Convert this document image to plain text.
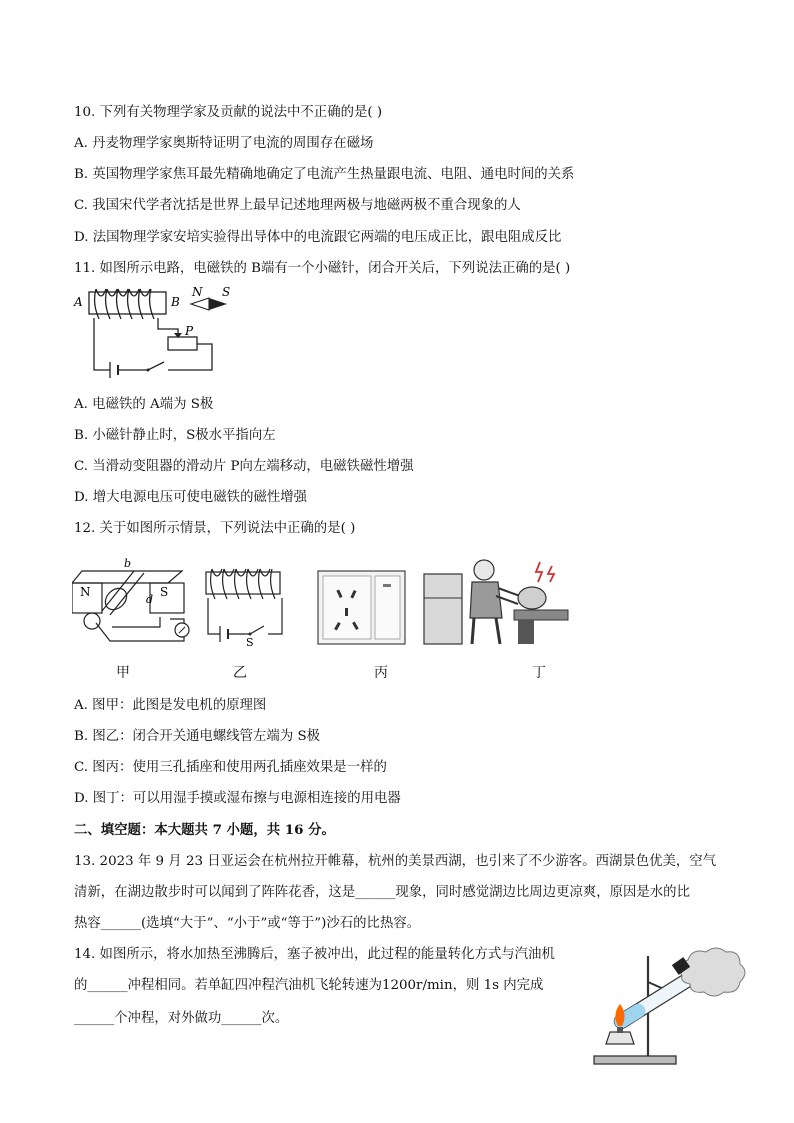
10. 下列有关物理学家及贡献的说法中不正确的是( )
A. 丹麦物理学家奥斯特证明了电流的周围存在磁场
B. 英国物理学家焦耳最先精确地确定了电流产生热量跟电流、电阻、通电时间的关系
C. 我国宋代学者沈括是世界上最早记述地理两极与地磁两极不重合现象的人
D. 法国物理学家安培实验得出导体中的电流跟它两端的电压成正比，跟电阻成反比
11. 如图所示电路，电磁铁的 B端有一个小磁针，闭合开关后，下列说法正确的是( )
A	B
N S
P
A. 电磁铁的 A端为 S极
B. 小磁针静止时，S极水平指向左
C. 当滑动变阻器的滑动片 P向左端移动，电磁铁磁性增强
D. 增大电源电压可使电磁铁的磁性增强
12. 关于如图所示情景，下列说法中正确的是( )
N	S
b
d
S
甲	乙	丙	丁
A. 图甲：此图是发电机的原理图
B. 图乙：闭合开关通电螺线管左端为 S极
C. 图丙：使用三孔插座和使用两孔插座效果是一样的
D. 图丁：可以用湿手摸或湿布擦与电源相连接的用电器
二、填空题：本大题共 7 小题，共 16 分。
13. 2023 年 9 月 23 日亚运会在杭州拉开帷幕，杭州的美景西湖，也引来了不少游客。西湖景色优美，空气
清新，在湖边散步时可以闻到了阵阵花香，这是______现象，同时感觉湖边比周边更凉爽，原因是水的比
热容______(选填“大于”、“小于”或“等于”)沙石的比热容。
14. 如图所示，将水加热至沸腾后，塞子被冲出，此过程的能量转化方式与汽油机
的______冲程相同。若单缸四冲程汽油机飞轮转速为1200r/min，则 1s 内完成
______个冲程，对外做功______次。
